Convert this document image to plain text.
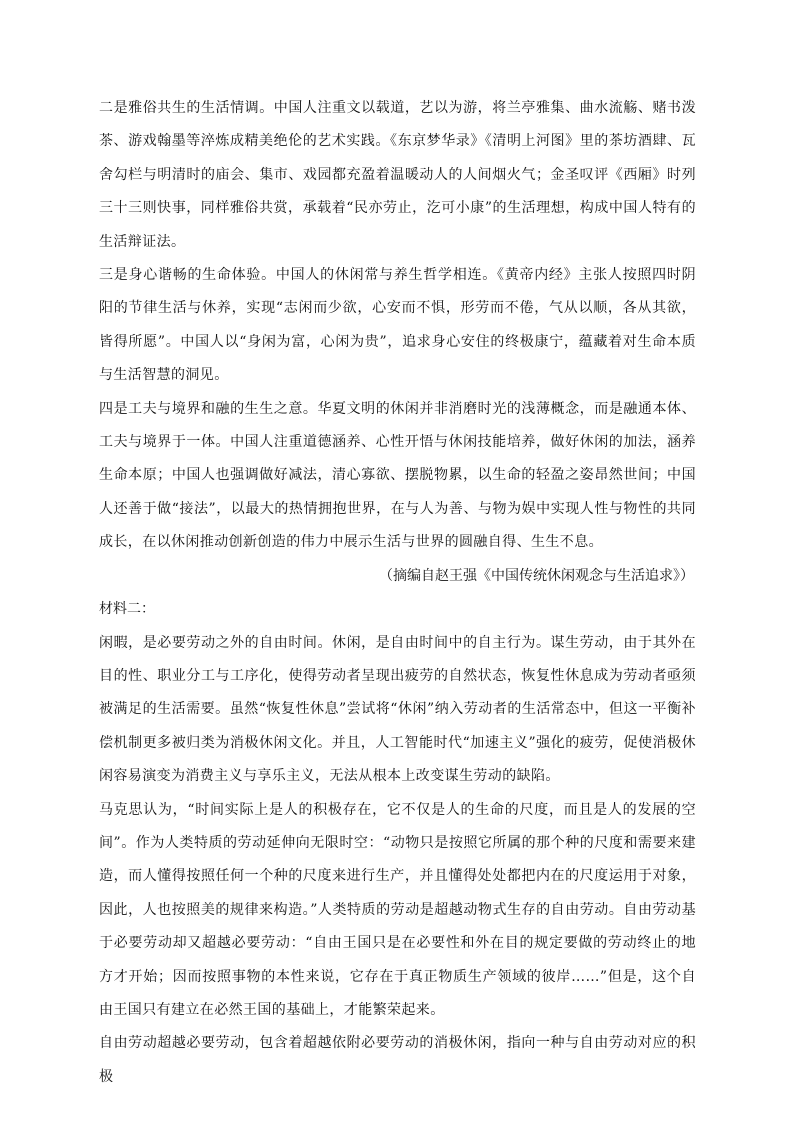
二是雅俗共生的生活情调。中国人注重文以载道，艺以为游，将兰亭雅集、曲水流觞、赌书泼茶、游戏翰墨等淬炼成精美绝伦的艺术实践。《东京梦华录》《清明上河图》里的茶坊酒肆、瓦舍勾栏与明清时的庙会、集市、戏园都充盈着温暖动人的人间烟火气；金圣叹评《西厢》时列三十三则快事，同样雅俗共赏，承载着“民亦劳止，汔可小康”的生活理想，构成中国人特有的生活辩证法。

三是身心谐畅的生命体验。中国人的休闲常与养生哲学相连。《黄帝内经》主张人按照四时阴阳的节律生活与休养，实现“志闲而少欲，心安而不惧，形劳而不倦，气从以顺，各从其欲，皆得所愿”。中国人以“身闲为富，心闲为贵”，追求身心安住的终极康宁，蕴藏着对生命本质与生活智慧的洞见。

四是工夫与境界和融的生生之意。华夏文明的休闲并非消磨时光的浅薄概念，而是融通本体、工夫与境界于一体。中国人注重道德涵养、心性开悟与休闲技能培养，做好休闲的加法，涵养生命本原；中国人也强调做好减法，清心寡欲、摆脱物累，以生命的轻盈之姿昂然世间；中国人还善于做“接法”，以最大的热情拥抱世界，在与人为善、与物为娱中实现人性与物性的共同成长，在以休闲推动创新创造的伟力中展示生活与世界的圆融自得、生生不息。

（摘编自赵王强《中国传统休闲观念与生活追求》）

材料二：

闲暇，是必要劳动之外的自由时间。休闲，是自由时间中的自主行为。谋生劳动，由于其外在目的性、职业分工与工序化，使得劳动者呈现出疲劳的自然状态，恢复性休息成为劳动者亟须被满足的生活需要。虽然“恢复性休息”尝试将“休闲”纳入劳动者的生活常态中，但这一平衡补偿机制更多被归类为消极休闲文化。并且，人工智能时代“加速主义”强化的疲劳，促使消极休闲容易演变为消费主义与享乐主义，无法从根本上改变谋生劳动的缺陷。

马克思认为，“时间实际上是人的积极存在，它不仅是人的生命的尺度，而且是人的发展的空间”。作为人类特质的劳动延伸向无限时空：“动物只是按照它所属的那个种的尺度和需要来建造，而人懂得按照任何一个种的尺度来进行生产，并且懂得处处都把内在的尺度运用于对象，因此，人也按照美的规律来构造。”人类特质的劳动是超越动物式生存的自由劳动。自由劳动基于必要劳动却又超越必要劳动：“自由王国只是在必要性和外在目的规定要做的劳动终止的地方才开始；因而按照事物的本性来说，它存在于真正物质生产领域的彼岸……”但是，这个自由王国只有建立在必然王国的基础上，才能繁荣起来。

自由劳动超越必要劳动，包含着超越依附必要劳动的消极休闲，指向一种与自由劳动对应的积极
